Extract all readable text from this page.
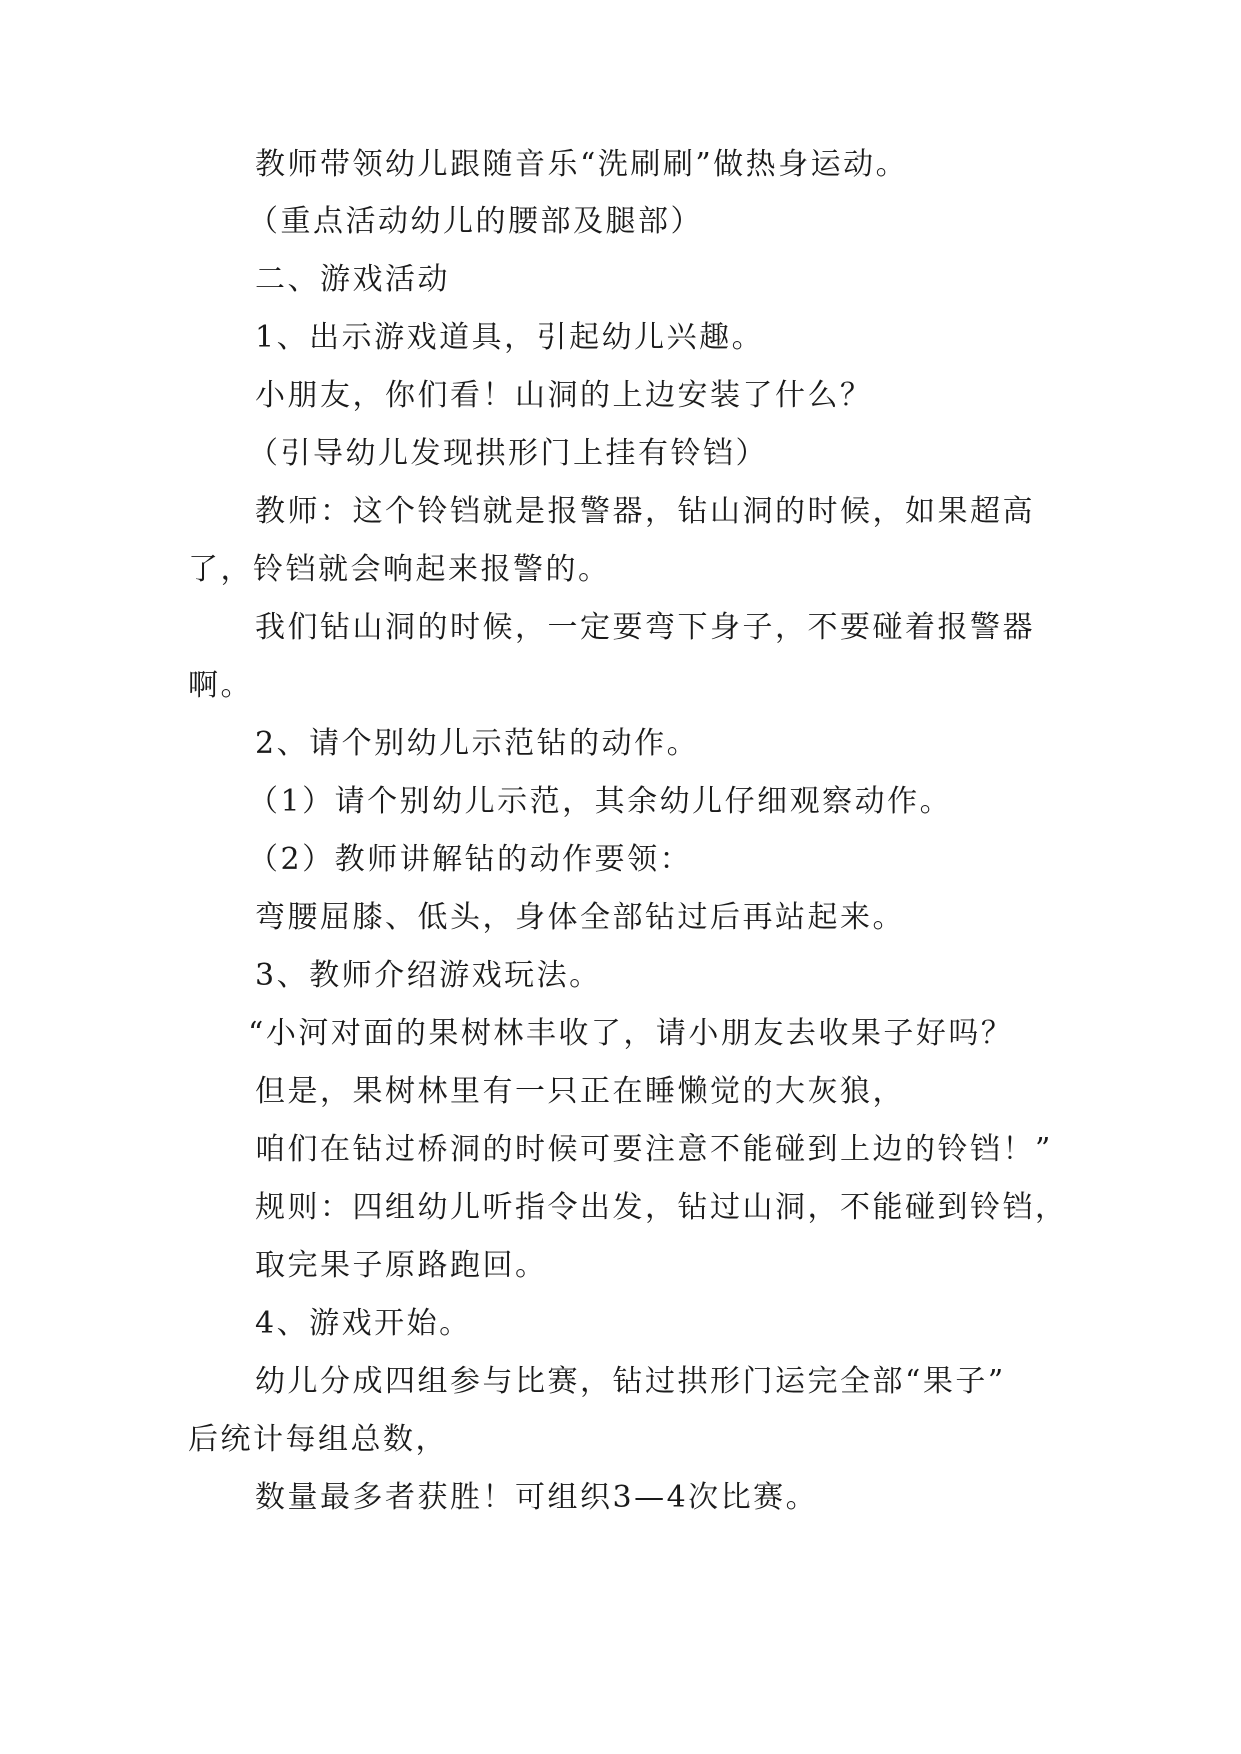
教师带领幼儿跟随音乐“洗刷刷”做热身运动。
（重点活动幼儿的腰部及腿部）
二、游戏活动
1、出示游戏道具，引起幼儿兴趣。
小朋友，你们看！山洞的上边安装了什么？
（引导幼儿发现拱形门上挂有铃铛）
教师：这个铃铛就是报警器，钻山洞的时候，如果超高
了，铃铛就会响起来报警的。
我们钻山洞的时候，一定要弯下身子，不要碰着报警器
啊。
2、请个别幼儿示范钻的动作。
（1）请个别幼儿示范，其余幼儿仔细观察动作。
（2）教师讲解钻的动作要领：
弯腰屈膝、低头，身体全部钻过后再站起来。
3、教师介绍游戏玩法。
“小河对面的果树林丰收了，请小朋友去收果子好吗？
但是，果树林里有一只正在睡懒觉的大灰狼，
咱们在钻过桥洞的时候可要注意不能碰到上边的铃铛！”
规则：四组幼儿听指令出发，钻过山洞，不能碰到铃铛，
取完果子原路跑回。
4、游戏开始。
幼儿分成四组参与比赛，钻过拱形门运完全部“果子”
后统计每组总数，
数量最多者获胜！可组织3—4次比赛。
